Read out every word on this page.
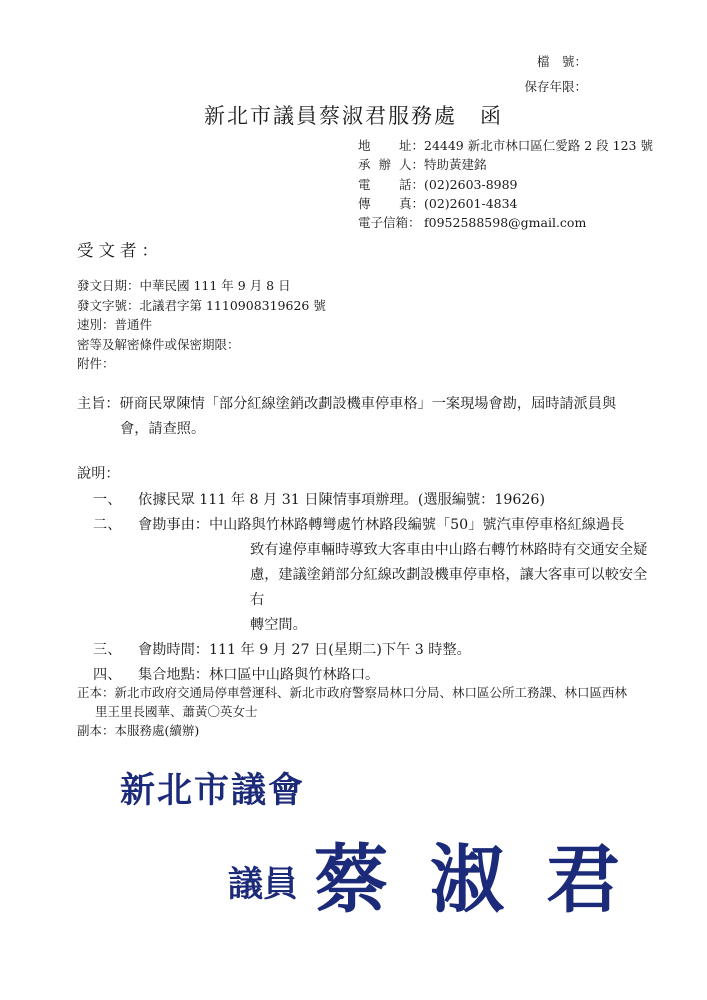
檔　號：
保存年限：
新北市議員蔡淑君服務處　函
地 址： 24449 新北市林口區仁愛路 2 段 123 號
承 辦 人： 特助黃建銘
電 話： (02)2603-8989
傳 真： (02)2601-4834
電子信箱： f0952588598@gmail.com
受文者：
發文日期：中華民國 111 年 9 月 8 日
發文字號：北議君字第 1110908319626 號
速別：普通件
密等及解密條件或保密期限：
附件：
主旨：研商民眾陳情「部分紅線塗銷改劃設機車停車格」一案現場會勘，屆時請派員與
會，請查照。
說明：
一、	依據民眾 111 年 8 月 31 日陳情事項辦理。(選服編號：19626)
二、	會勘事由：中山路與竹林路轉彎處竹林路段編號「50」號汽車停車格紅線過長
致有違停車輛時導致大客車由中山路右轉竹林路時有交通安全疑
慮，建議塗銷部分紅線改劃設機車停車格，讓大客車可以較安全右
轉空間。
三、	會勘時間：111 年 9 月 27 日(星期二)下午 3 時整。
四、	集合地點：林口區中山路與竹林路口。
正本：新北市政府交通局停車營運科、新北市政府警察局林口分局、林口區公所工務課、林口區西林
里王里長國華、蕭黃〇英女士
副本：本服務處(續辦)
新北市議會
議員 蔡淑君
